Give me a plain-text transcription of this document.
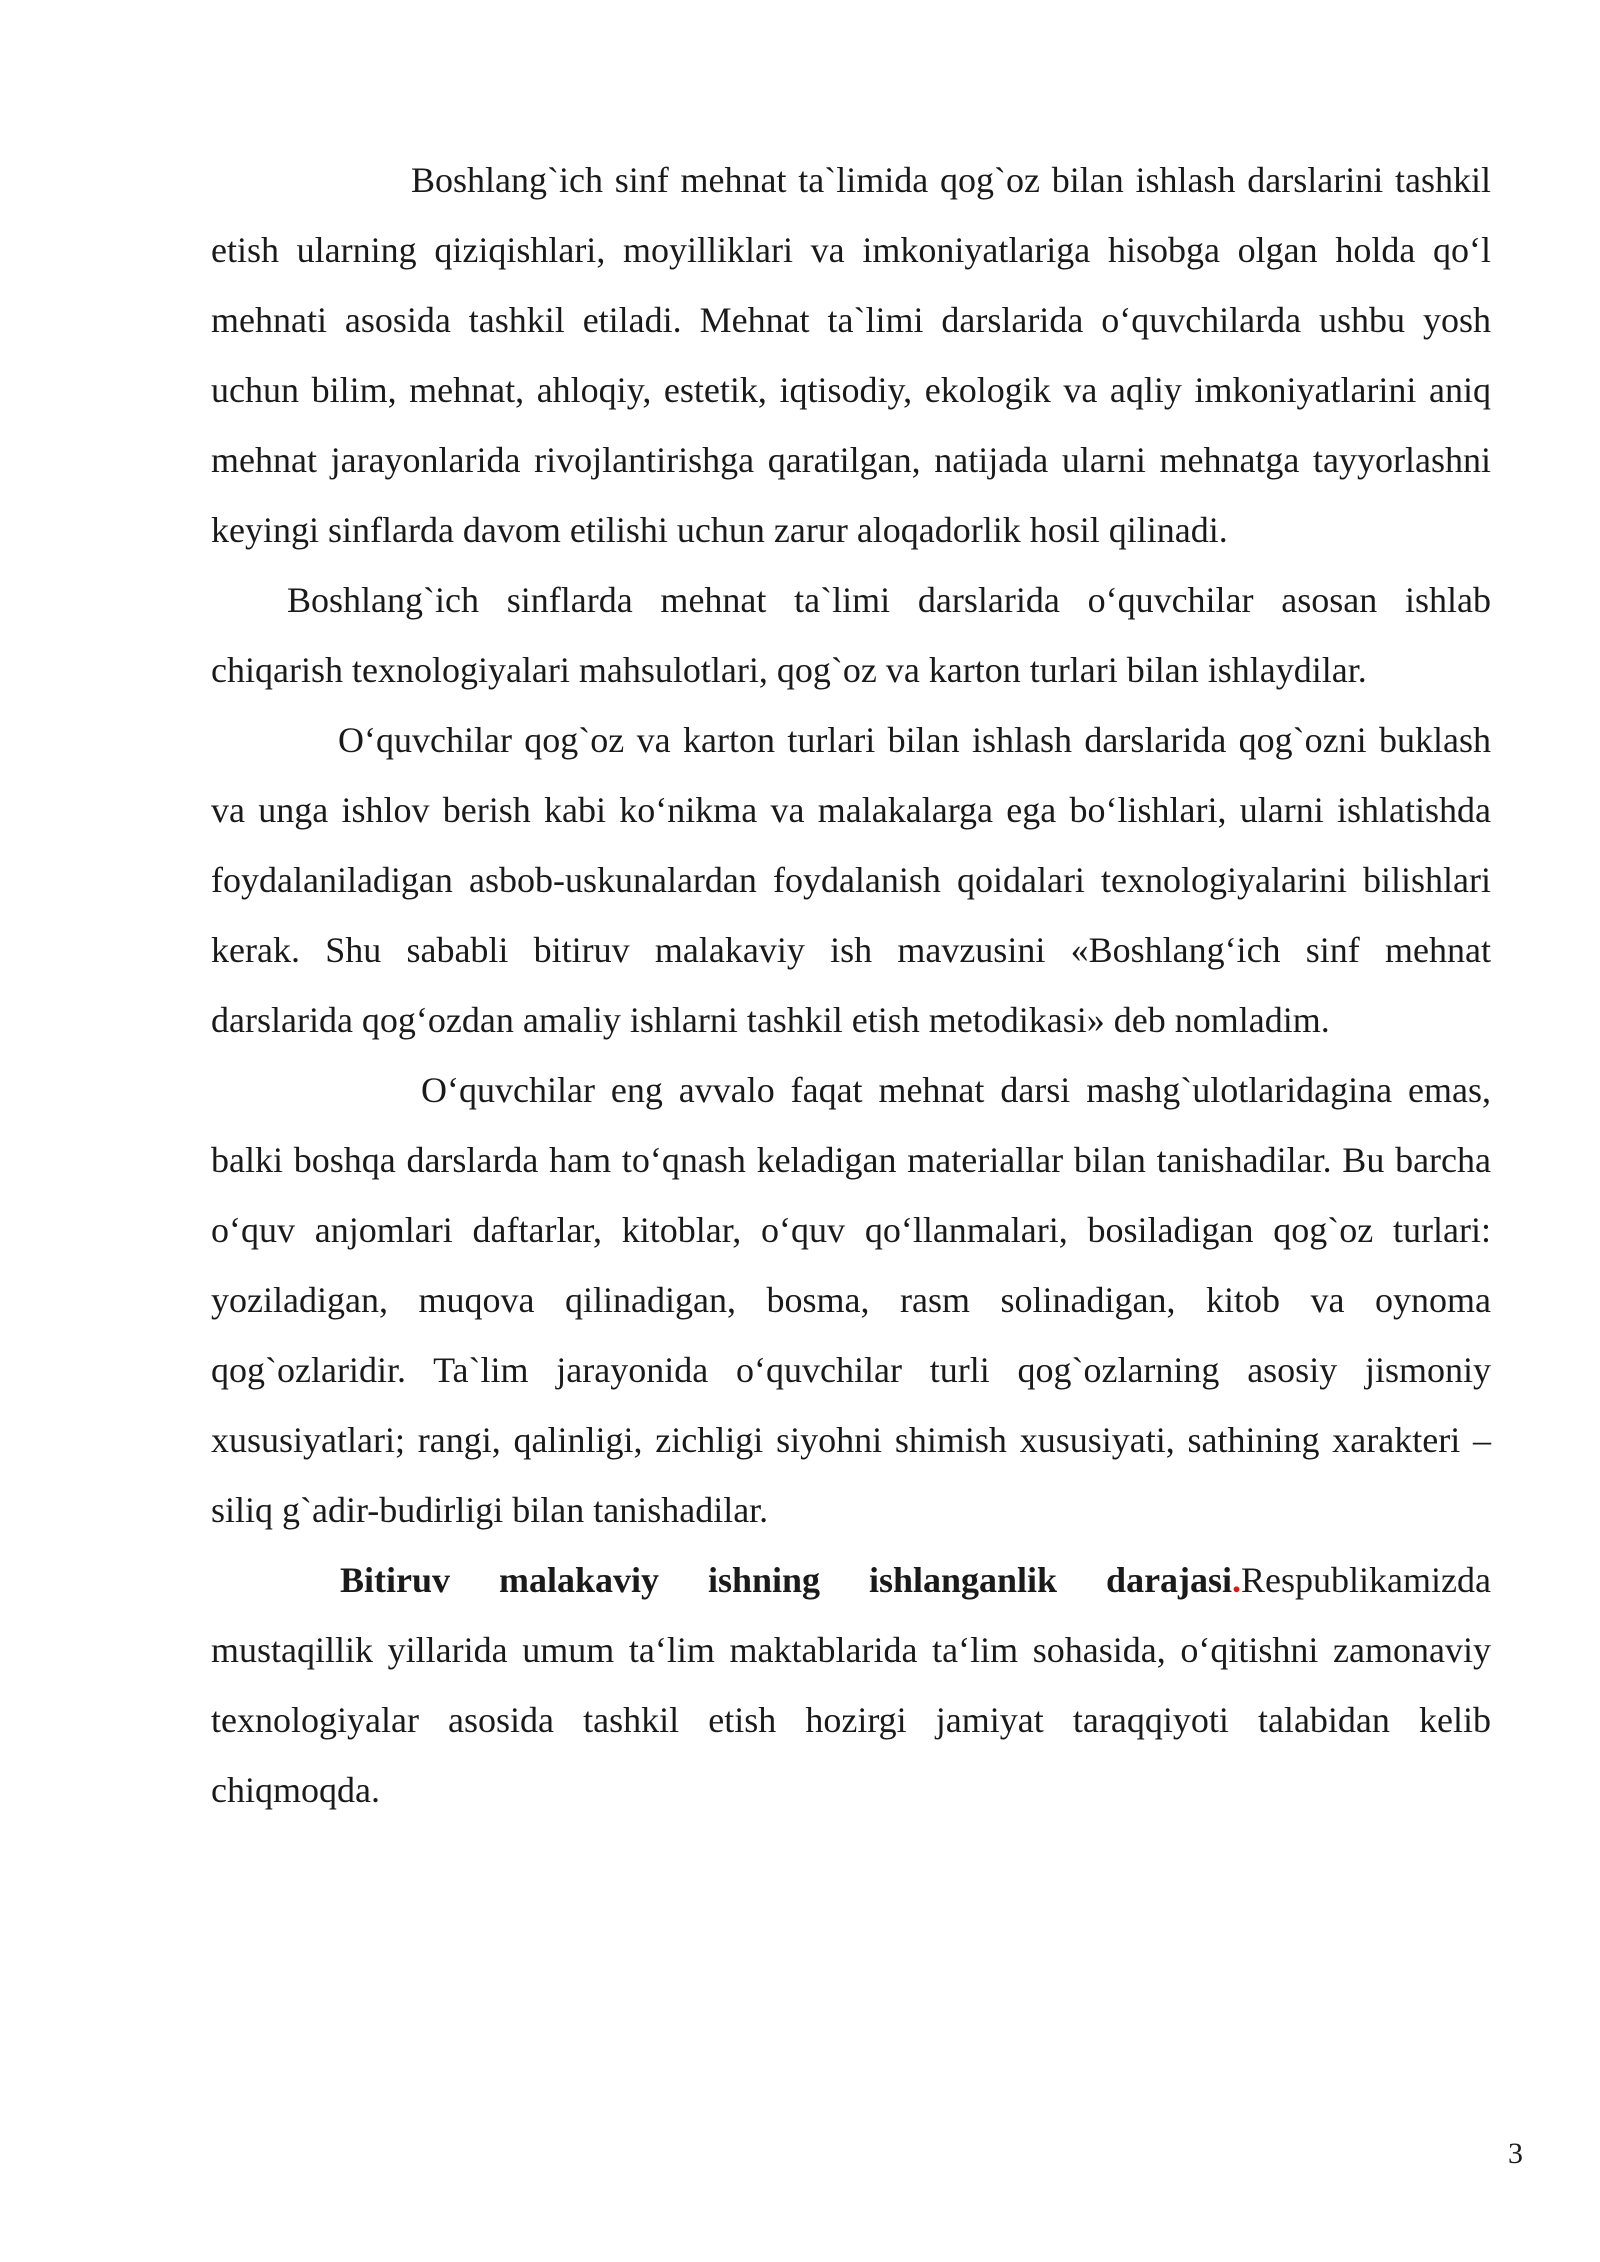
Boshlang`ich sinf mehnat ta`limida qog`oz bilan ishlash darslarini tashkil etish ularning qiziqishlari, moyilliklari va imkoniyatlariga hisobga olgan holda qo‘l mehnati asosida tashkil etiladi. Mehnat ta`limi darslarida o‘quvchilarda ushbu yosh uchun bilim, mehnat, ahloqiy, estetik, iqtisodiy, ekologik va aqliy imkoniyatlarini aniq mehnat jarayonlarida rivojlantirishga qaratilgan, natijada ularni mehnatga tayyorlashni keyingi sinflarda davom etilishi uchun zarur aloqadorlik hosil qilinadi.

Boshlang`ich sinflarda mehnat ta`limi darslarida o‘quvchilar asosan ishlab chiqarish texnologiyalari mahsulotlari, qog`oz va karton turlari bilan ishlaydilar.

O‘quvchilar qog`oz va karton turlari bilan ishlash darslarida qog`ozni buklash va unga ishlov berish kabi ko‘nikma va malakalarga ega bo‘lishlari, ularni ishlatishda foydalaniladigan asbob-uskunalardan foydalanish qoidalari texnologiyalarini bilishlari kerak. Shu sababli bitiruv malakaviy ish mavzusini «Boshlang‘ich sinf mehnat darslarida qog‘ozdan amaliy ishlarni tashkil etish metodikasi» deb nomladim.

O‘quvchilar eng avvalo faqat mehnat darsi mashg`ulotlaridagina emas, balki boshqa darslarda ham to‘qnash keladigan materiallar bilan tanishadilar. Bu barcha o‘quv anjomlari daftarlar, kitoblar, o‘quv qo‘llanmalari, bosiladigan qog`oz turlari: yoziladigan, muqova qilinadigan, bosma, rasm solinadigan, kitob va oynoma qog`ozlaridir. Ta`lim jarayonida o‘quvchilar turli qog`ozlarning asosiy jismoniy xususiyatlari; rangi, qalinligi, zichligi siyohni shimish xususiyati, sathining xarakteri – siliq g`adir-budirligi bilan tanishadilar.

Bitiruv malakaviy ishning ishlanganlik darajasi.Respublikamizda mustaqillik yillarida umum ta‘lim maktablarida ta‘lim sohasida, o‘qitishni zamonaviy texnologiyalar asosida tashkil etish hozirgi jamiyat taraqqiyoti talabidan kelib chiqmoqda.

3
